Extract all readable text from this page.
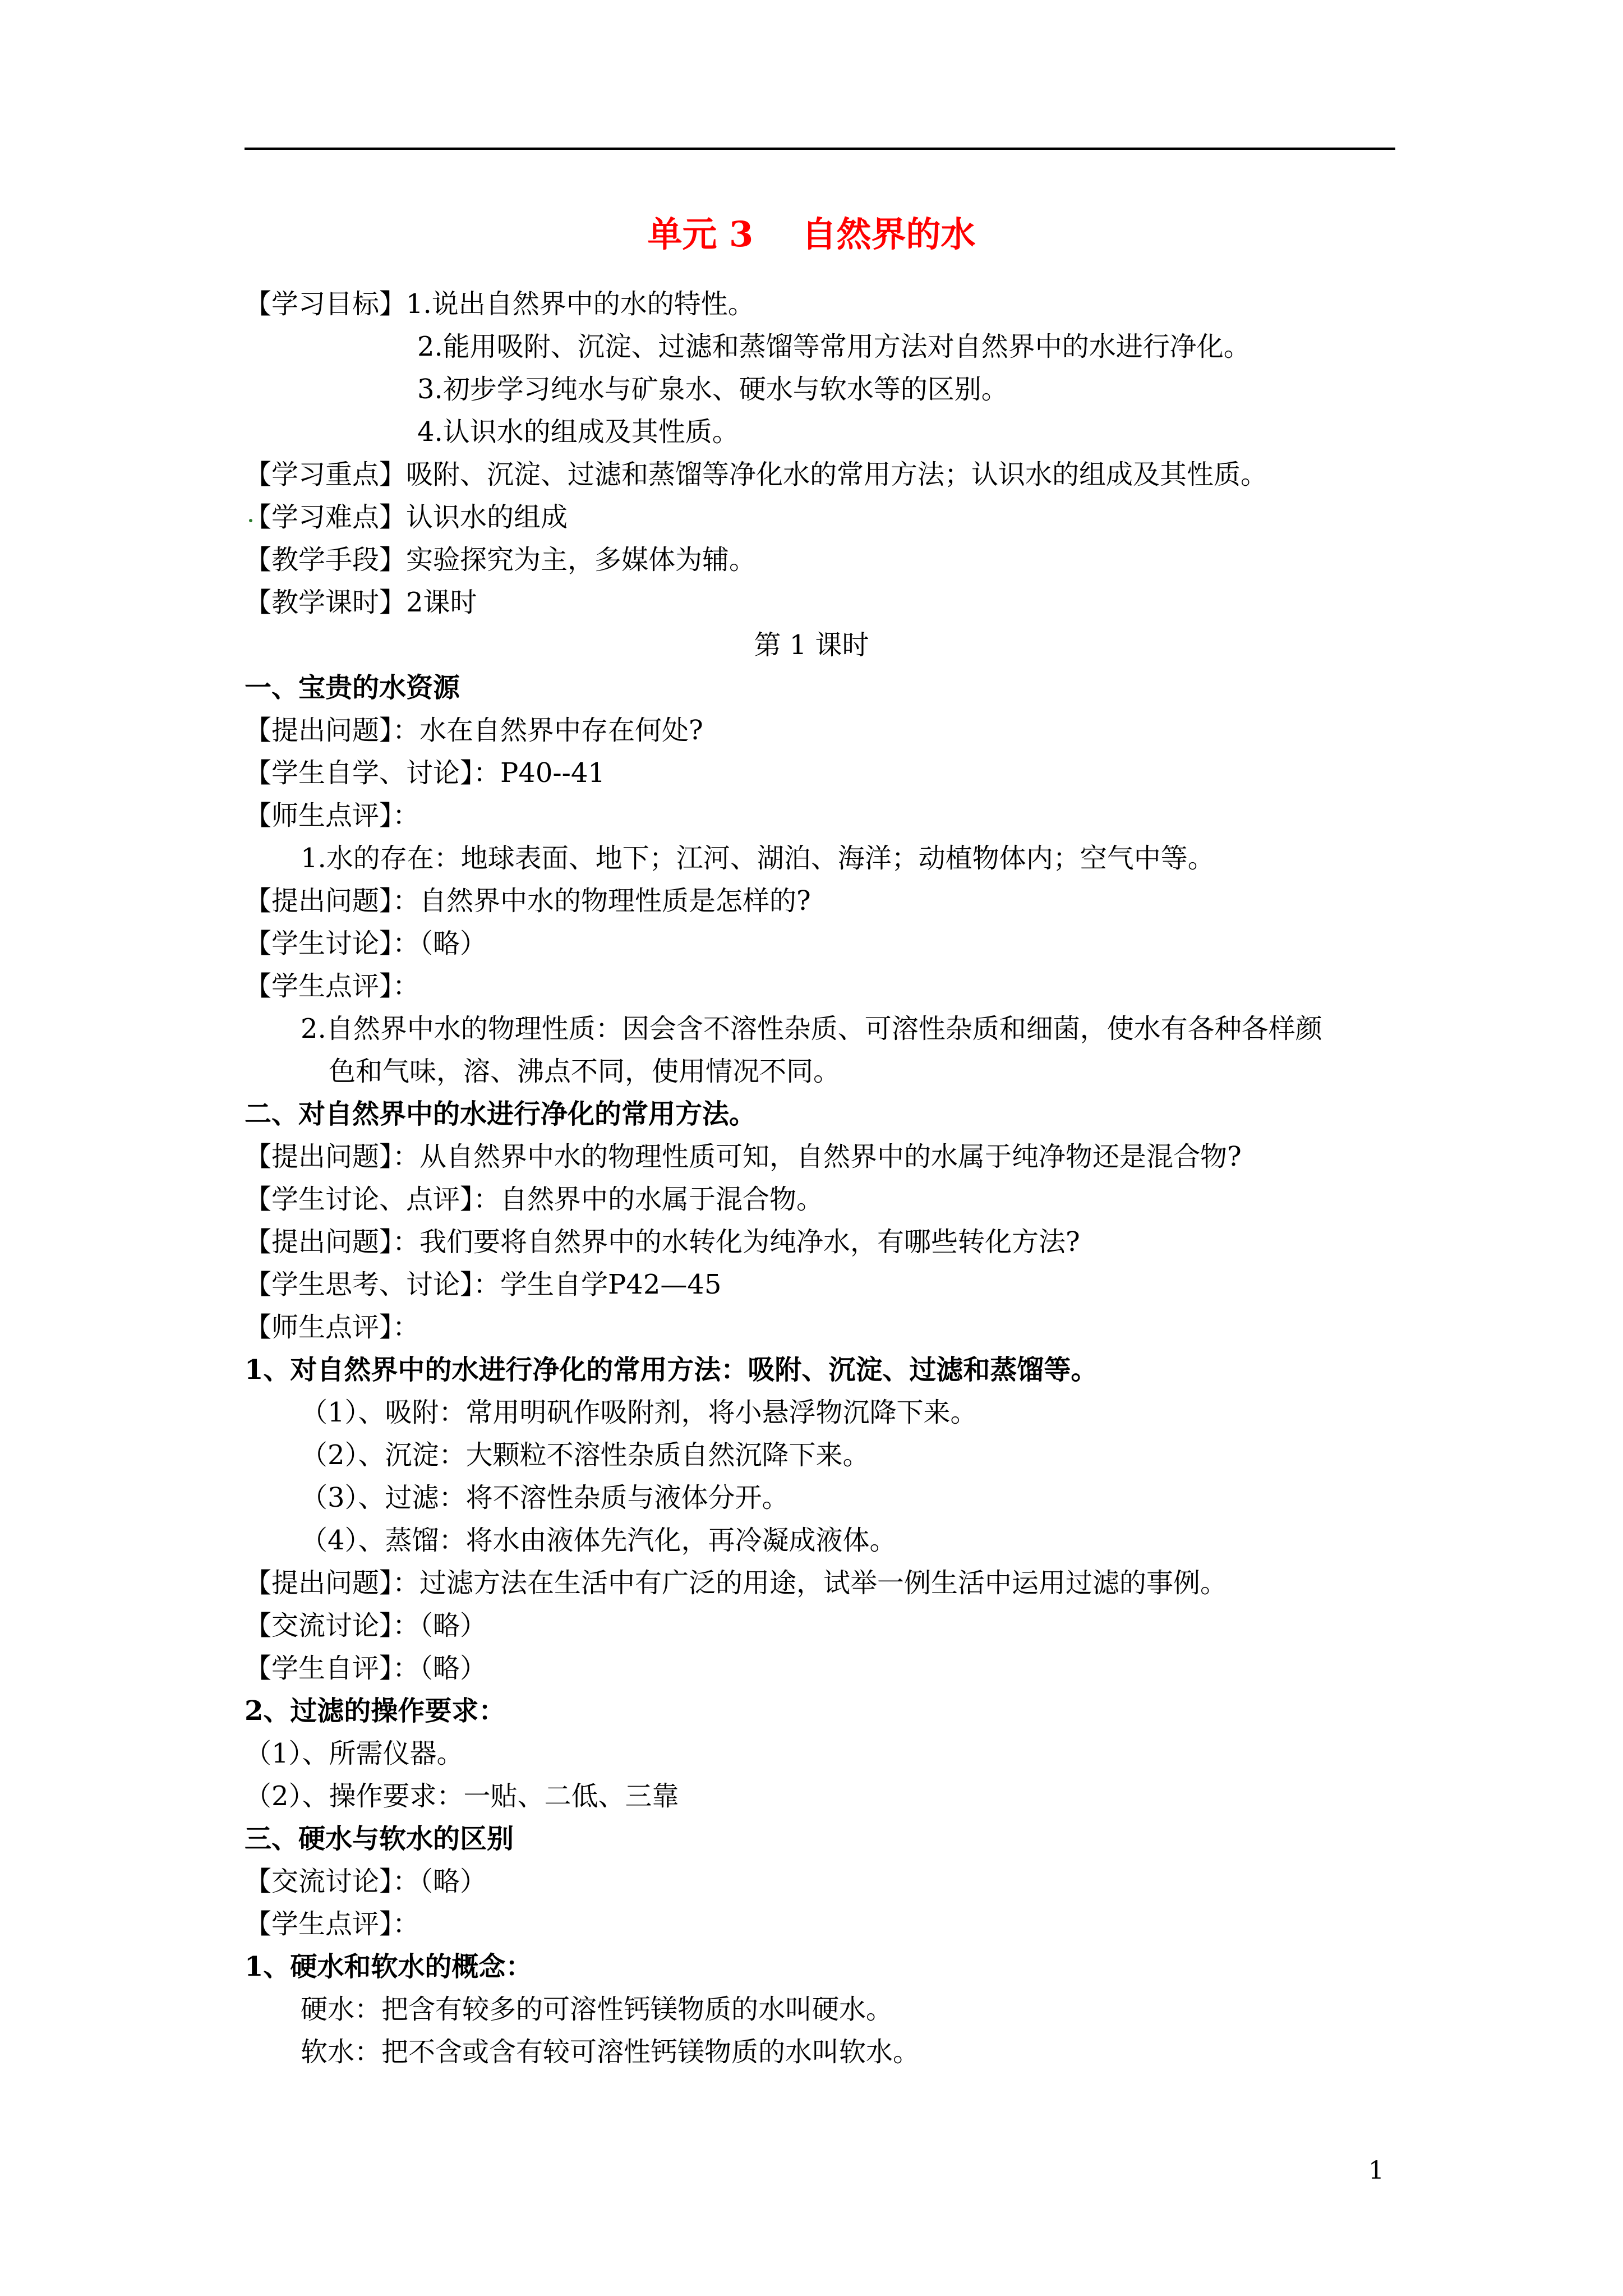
单元 3    自然界的水
【学习目标】1.说出自然界中的水的特性。
2.能用吸附、沉淀、过滤和蒸馏等常用方法对自然界中的水进行净化。
3.初步学习纯水与矿泉水、硬水与软水等的区别。
4.认识水的组成及其性质。
【学习重点】吸附、沉淀、过滤和蒸馏等净化水的常用方法；认识水的组成及其性质。
【学习难点】认识水的组成
【教学手段】实验探究为主，多媒体为辅。
【教学课时】2课时
第 1 课时
一、宝贵的水资源
【提出问题】：水在自然界中存在何处?
【学生自学、讨论】：P40--41
【师生点评】：
1.水的存在：地球表面、地下；江河、湖泊、海洋；动植物体内；空气中等。
【提出问题】：自然界中水的物理性质是怎样的?
【学生讨论】：（略）
【学生点评】：
2.自然界中水的物理性质：因会含不溶性杂质、可溶性杂质和细菌，使水有各种各样颜
色和气味，溶、沸点不同，使用情况不同。
二、对自然界中的水进行净化的常用方法。
【提出问题】：从自然界中水的物理性质可知，自然界中的水属于纯净物还是混合物?
【学生讨论、点评】：自然界中的水属于混合物。
【提出问题】：我们要将自然界中的水转化为纯净水，有哪些转化方法?
【学生思考、讨论】：学生自学P42—45
【师生点评】：
1、对自然界中的水进行净化的常用方法：吸附、沉淀、过滤和蒸馏等。
（1）、吸附：常用明矾作吸附剂，将小悬浮物沉降下来。
（2）、沉淀：大颗粒不溶性杂质自然沉降下来。
（3）、过滤：将不溶性杂质与液体分开。
（4）、蒸馏：将水由液体先汽化，再冷凝成液体。
【提出问题】：过滤方法在生活中有广泛的用途，试举一例生活中运用过滤的事例。
【交流讨论】：（略）
【学生自评】：（略）
2、过滤的操作要求：
（1）、所需仪器。
（2）、操作要求：一贴、二低、三靠
三、硬水与软水的区别
【交流讨论】：（略）
【学生点评】：
1、硬水和软水的概念：
硬水：把含有较多的可溶性钙镁物质的水叫硬水。
软水：把不含或含有较可溶性钙镁物质的水叫软水。
1
